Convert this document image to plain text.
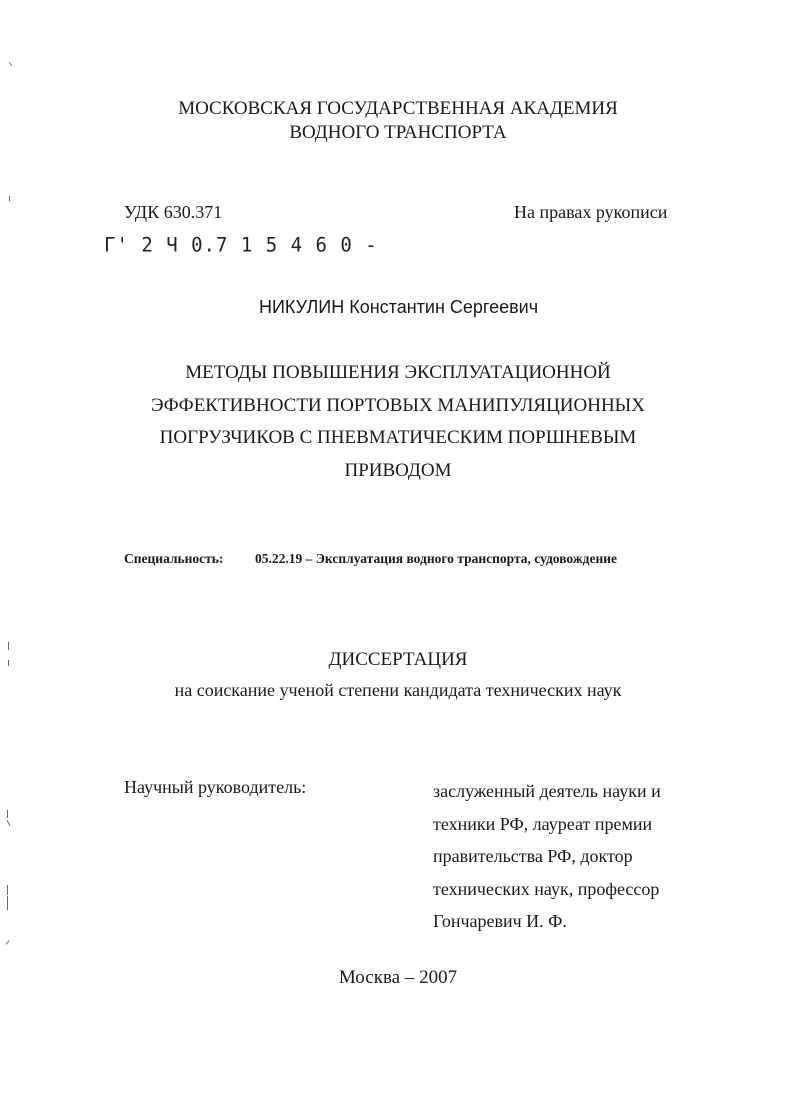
МОСКОВСКАЯ ГОСУДАРСТВЕННАЯ АКАДЕМИЯ
ВОДНОГО ТРАНСПОРТА
УДК 630.371	На правах рукописи
Г' 2 Ч 0.7 1 5 4 6 0 -
НИКУЛИН Константин Сергеевич
МЕТОДЫ ПОВЫШЕНИЯ ЭКСПЛУАТАЦИОННОЙ
ЭФФЕКТИВНОСТИ ПОРТОВЫХ МАНИПУЛЯЦИОННЫХ
ПОГРУЗЧИКОВ С ПНЕВМАТИЧЕСКИМ ПОРШНЕВЫМ
ПРИВОДОМ
Специальность: 05.22.19 – Эксплуатация водного транспорта, судовождение
ДИССЕРТАЦИЯ
на соискание ученой степени кандидата технических наук
Научный руководитель:	заслуженный деятель науки и
техники РФ, лауреат премии
правительства РФ, доктор
технических наук, профессор
Гончаревич И. Ф.
Москва – 2007
